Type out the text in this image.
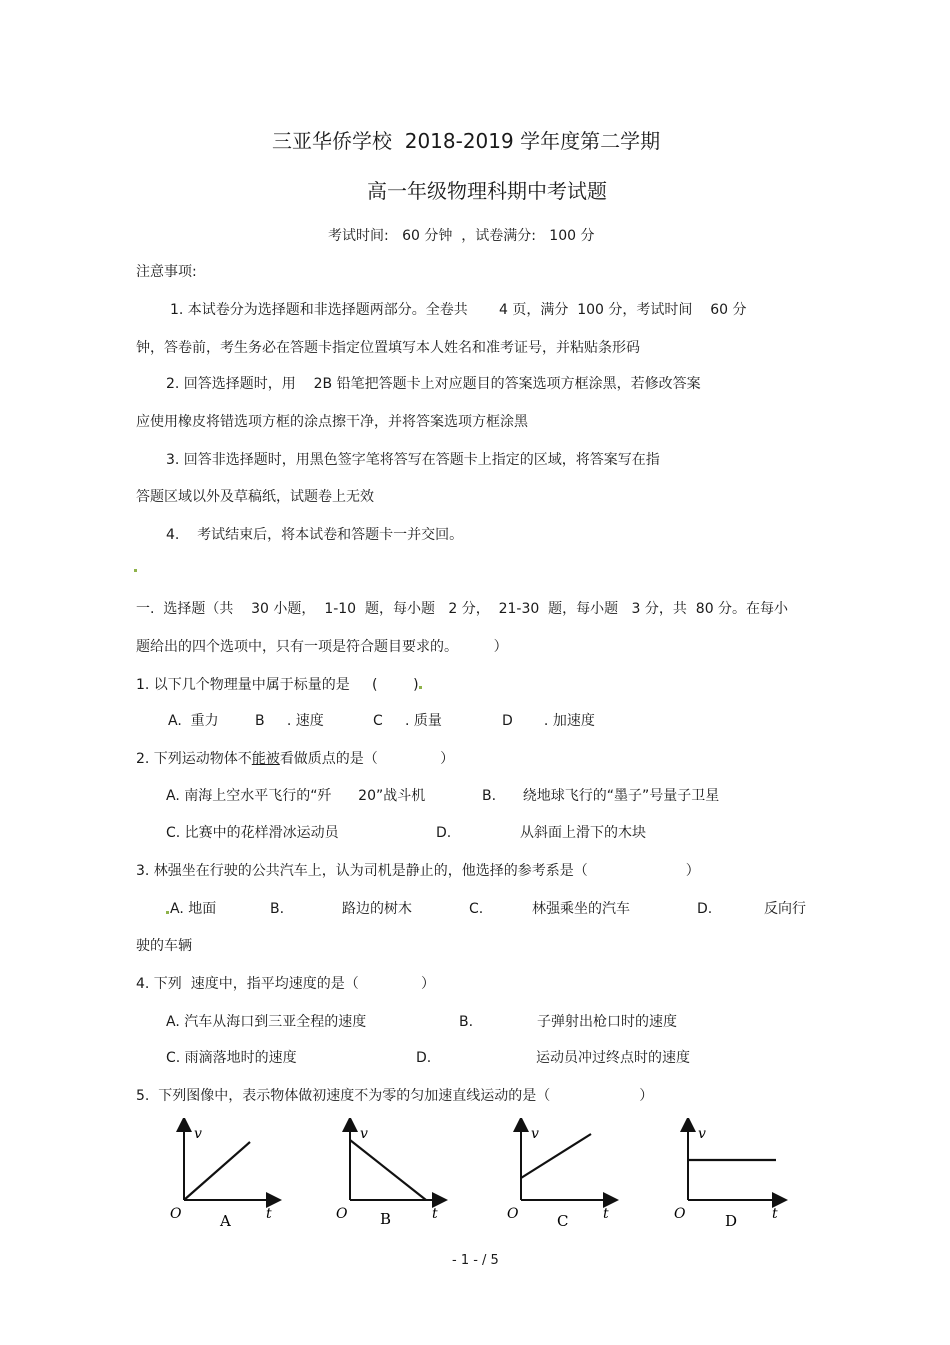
三亚华侨学校  2018-2019 学年度第二学期
高一年级物理科期中考试题
考试时间:   60 分钟  ，试卷满分:   100 分
注意事项:
1. 本试卷分为选择题和非选择题两部分。全卷共       4 页，满分  100 分，考试时间    60 分
钟，答卷前，考生务必在答题卡指定位置填写本人姓名和准考证号，并粘贴条形码
2. 回答选择题时，用    2B 铅笔把答题卡上对应题目的答案选项方框涂黑，若修改答案
应使用橡皮将错选项方框的涂点擦干净，并将答案选项方框涂黑
3. 回答非选择题时，用黑色签字笔将答写在答题卡上指定的区域，将答案写在指
答题区域以外及草稿纸，试题卷上无效
4.    考试结束后，将本试卷和答题卡一并交回。
一.  选择题（共    30 小题，  1-10  题，每小题   2 分，  21-30  题，每小题   3 分，共  80 分。在每小
题给出的四个选项中，只有一项是符合题目要求的。        ）
1. 以下几个物理量中属于标量的是     (        )
A.  重力	B     . 速度	C     . 质量	D       . 加速度
2. 下列运动物体不能被看做质点的是（              ）
A. 南海上空水平飞行的“歼      20”战斗机	B.      绕地球飞行的“墨子”号量子卫星
C. 比赛中的花样滑冰运动员	D.	从斜面上滑下的木块
3. 林强坐在行驶的公共汽车上，认为司机是静止的，他选择的参考系是（                      ）
A. 地面	B.	路边的树木	C.	林强乘坐的汽车	D.	反向行
驶的车辆
4. 下列  速度中，指平均速度的是（              ）
A. 汽车从海口到三亚全程的速度	B.	子弹射出枪口时的速度
C. 雨滴落地时的速度	D.	运动员冲过终点时的速度
5.  下列图像中，表示物体做初速度不为零的匀加速直线运动的是（                    ）
v
O	t
A
v
O	t
B
v
O	t
C
v
O	t
D
- 1 - / 5
